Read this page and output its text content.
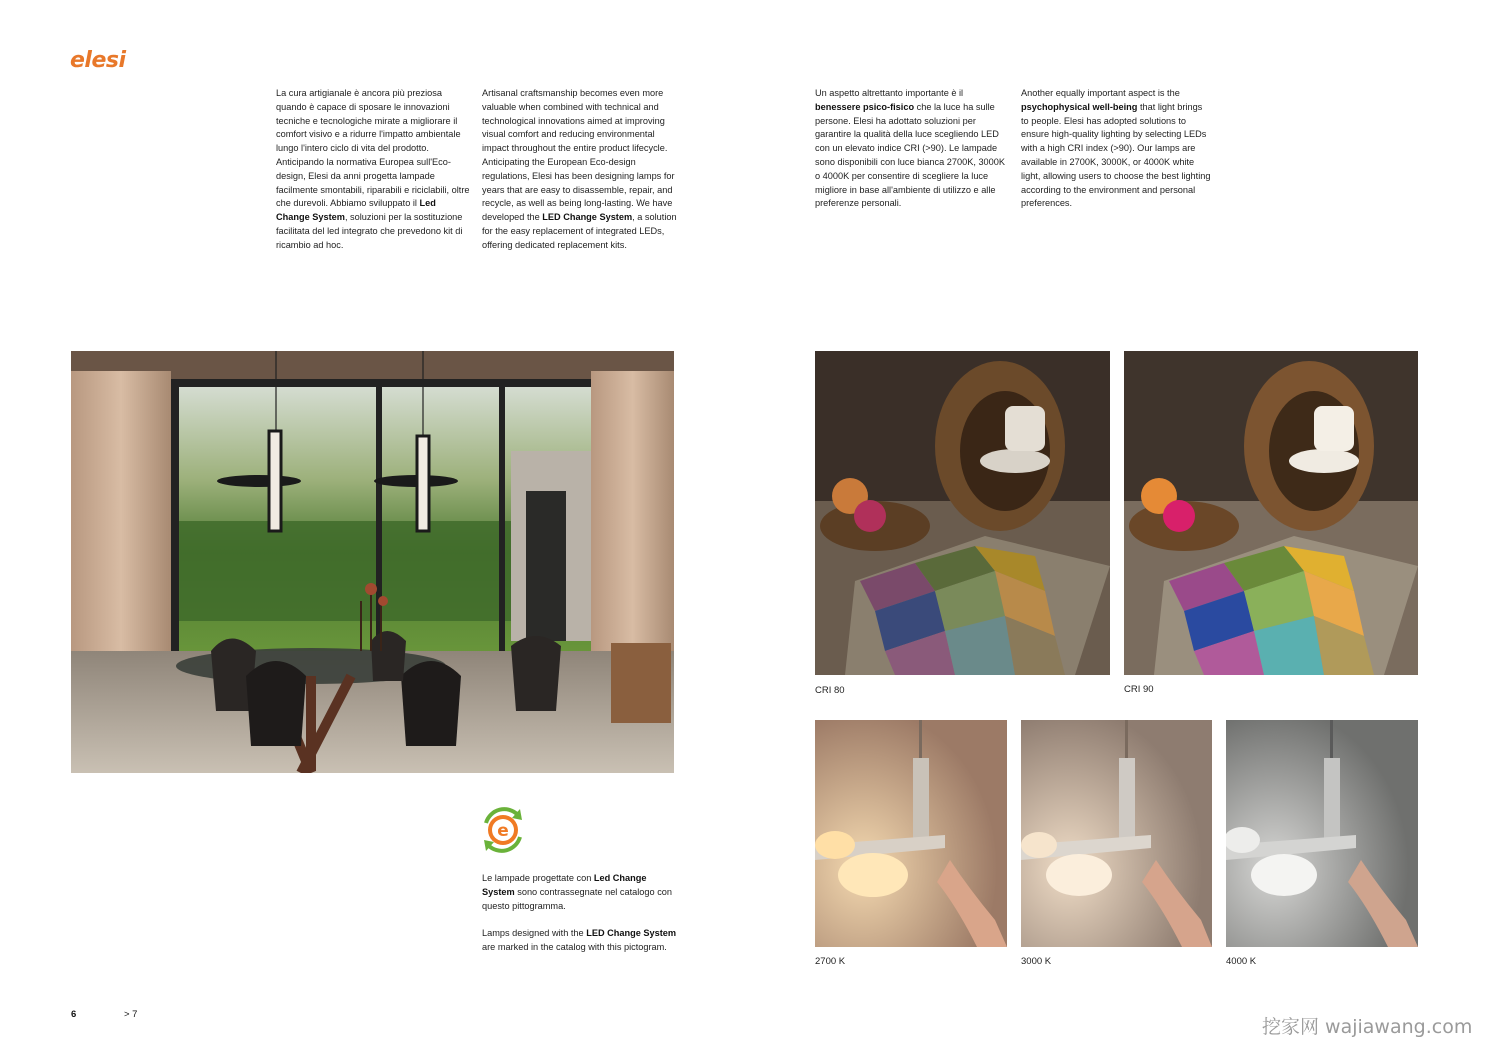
elesi
La cura artigianale è ancora più preziosa quando è capace di sposare le innovazioni tecniche e tecnologiche mirate a migliorare il comfort visivo e a ridurre l'impatto ambientale lungo l'intero ciclo di vita del prodotto. Anticipando la normativa Europea sull'Eco-design, Elesi da anni progetta lampade facilmente smontabili, riparabili e riciclabili, oltre che durevoli. Abbiamo sviluppato il Led Change System, soluzioni per la sostituzione facilitata del led integrato che prevedono kit di ricambio ad hoc.
Artisanal craftsmanship becomes even more valuable when combined with technical and technological innovations aimed at improving visual comfort and reducing environmental impact throughout the entire product lifecycle. Anticipating the European Eco-design regulations, Elesi has been designing lamps for years that are easy to disassemble, repair, and recycle, as well as being long-lasting. We have developed the LED Change System, a solution for the easy replacement of integrated LEDs, offering dedicated replacement kits.
Un aspetto altrettanto importante è il benessere psico-fisico che la luce ha sulle persone. Elesi ha adottato soluzioni per garantire la qualità della luce scegliendo LED con un elevato indice CRI (>90). Le lampade sono disponibili con luce bianca 2700K, 3000K o 4000K per consentire di scegliere la luce migliore in base all'ambiente di utilizzo e alle preferenze personali.
Another equally important aspect is the psychophysical well-being that light brings to people. Elesi has adopted solutions to ensure high-quality lighting by selecting LEDs with a high CRI index (>90). Our lamps are available in 2700K, 3000K, or 4000K white light, allowing users to choose the best lighting according to the environment and personal preferences.
e
Le lampade progettate con Led Change System sono contrassegnate nel catalogo con questo pittogramma.
Lamps designed with the LED Change System are marked in the catalog with this pictogram.
6	> 7
CRI 80	CRI 90
2700 K	3000 K	4000 K
挖家网 wajiawang.com
